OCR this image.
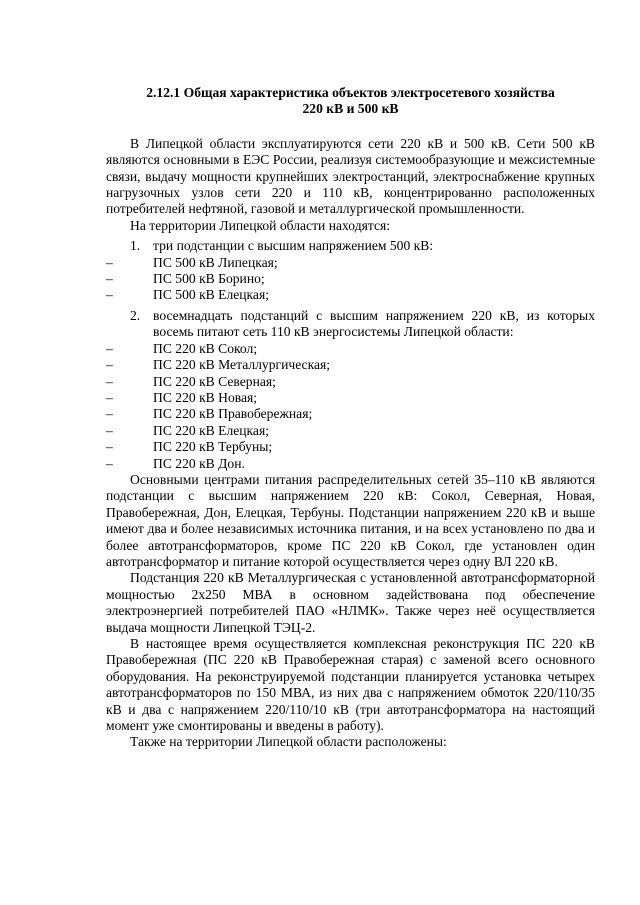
2.12.1 Общая характеристика объектов электросетевого хозяйства
220 кВ и 500 кВ

В Липецкой области эксплуатируются сети 220 кВ и 500 кВ. Сети 500 кВ являются основными в ЕЭС России, реализуя системообразующие и межсистемные связи, выдачу мощности крупнейших электростанций, электроснабжение крупных нагрузочных узлов сети 220 и 110 кВ, концентрированно расположенных потребителей нефтяной, газовой и металлургической промышленности.

На территории Липецкой области находятся:

1. три подстанции с высшим напряжением 500 кВ:
–	ПС 500 кВ Липецкая;
–	ПС 500 кВ Борино;
–	ПС 500 кВ Елецкая;
2. восемнадцать подстанций с высшим напряжением 220 кВ, из которых восемь питают сеть 110 кВ энергосистемы Липецкой области:
–	ПС 220 кВ Сокол;
–	ПС 220 кВ Металлургическая;
–	ПС 220 кВ Северная;
–	ПС 220 кВ Новая;
–	ПС 220 кВ Правобережная;
–	ПС 220 кВ Елецкая;
–	ПС 220 кВ Тербуны;
–	ПС 220 кВ Дон.

Основными центрами питания распределительных сетей 35–110 кВ являются подстанции с высшим напряжением 220 кВ: Сокол, Северная, Новая, Правобережная, Дон, Елецкая, Тербуны. Подстанции напряжением 220 кВ и выше имеют два и более независимых источника питания, и на всех установлено по два и более автотрансформаторов, кроме ПС 220 кВ Сокол, где установлен один автотрансформатор и питание которой осуществляется через одну ВЛ 220 кВ.

Подстанция 220 кВ Металлургическая с установленной автотрансформаторной мощностью 2х250 МВА в основном задействована под обеспечение электроэнергией потребителей ПАО «НЛМК». Также через неё осуществляется выдача мощности Липецкой ТЭЦ-2.

В настоящее время осуществляется комплексная реконструкция ПС 220 кВ Правобережная (ПС 220 кВ Правобережная старая) с заменой всего основного оборудования. На реконструируемой подстанции планируется установка четырех автотрансформаторов по 150 МВА, из них два с напряжением обмоток 220/110/35 кВ и два с напряжением 220/110/10 кВ (три автотрансформатора на настоящий момент уже смонтированы и введены в работу).

Также на территории Липецкой области расположены:
